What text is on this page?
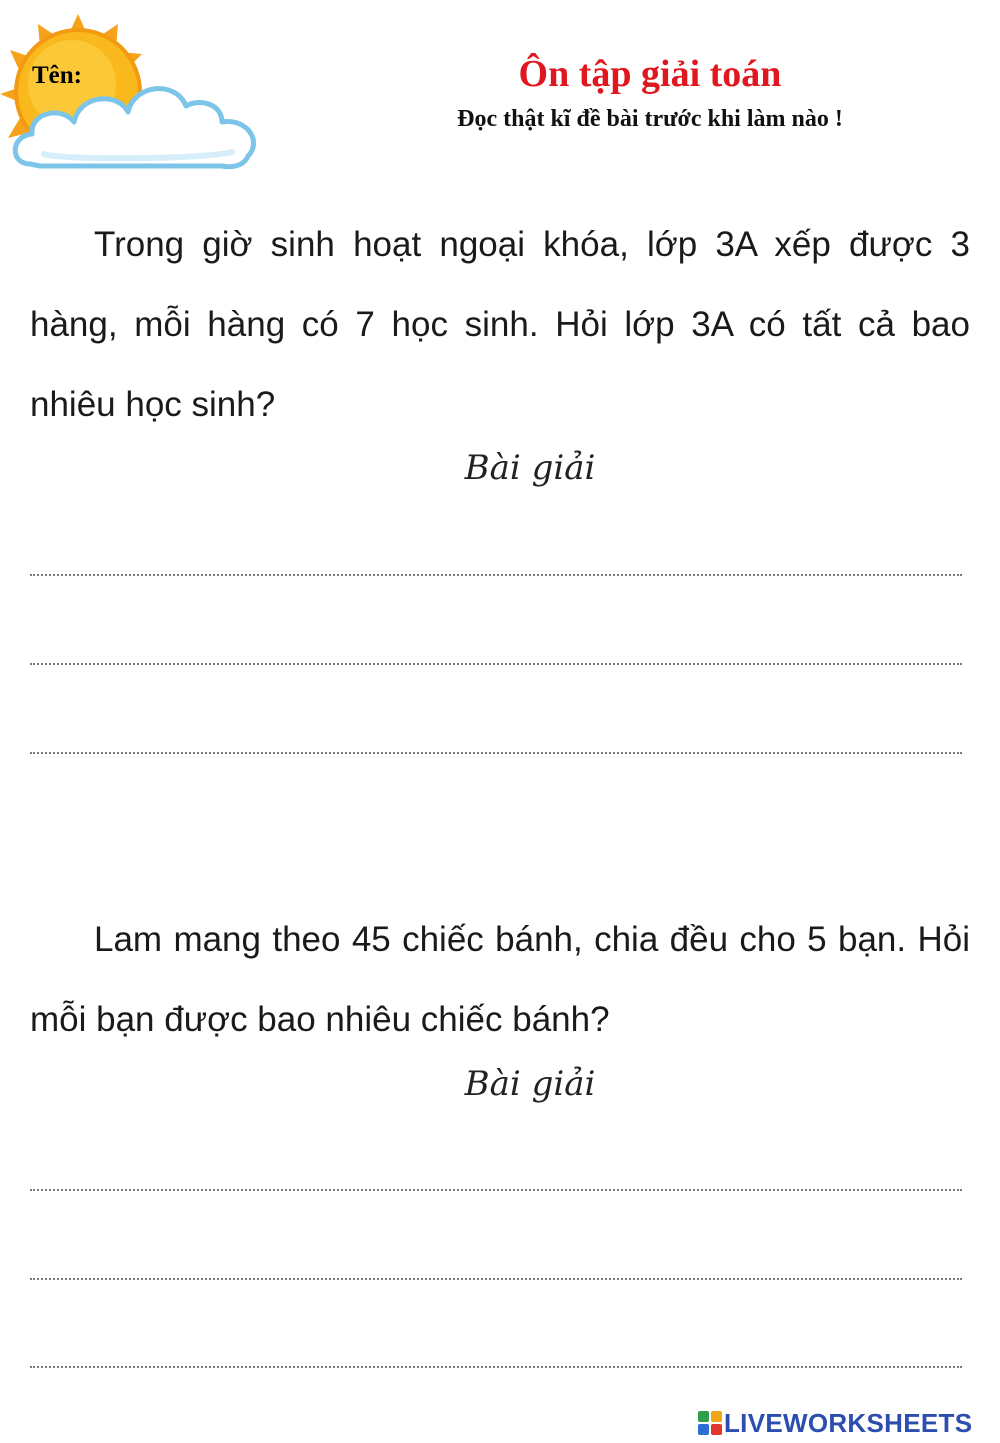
Tên:	Ôn tập giải toán
Đọc thật kĩ đề bài trước khi làm nào !

Trong giờ sinh hoạt ngoại khóa, lớp 3A xếp được 3 hàng, mỗi hàng có 7 học sinh. Hỏi lớp 3A có tất cả bao nhiêu học sinh?

Bài giải

Lam mang theo 45 chiếc bánh, chia đều cho 5 bạn. Hỏi mỗi bạn được bao nhiêu chiếc bánh?

Bài giải
LIVEWORKSHEETS
